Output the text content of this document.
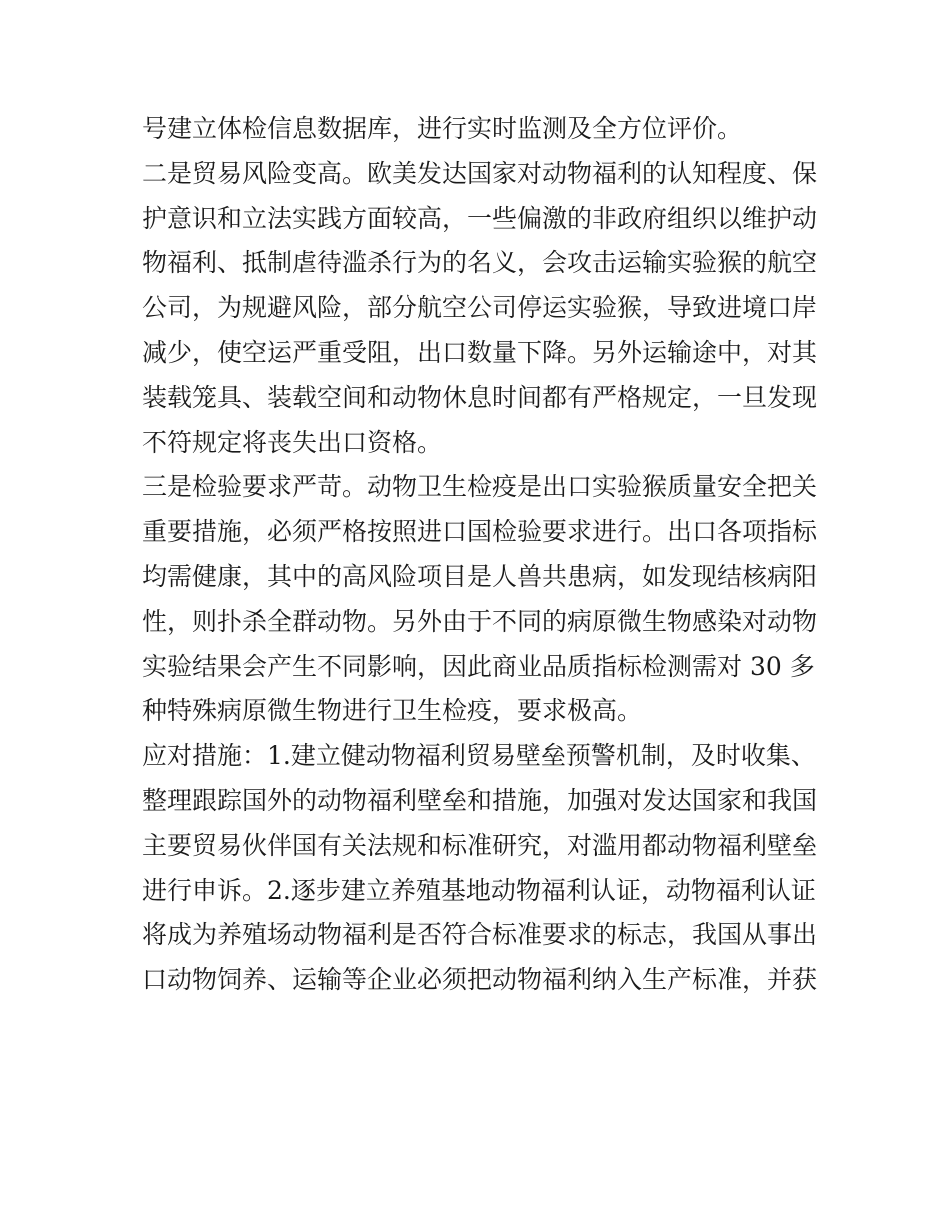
号建立体检信息数据库，进行实时监测及全方位评价。
二是贸易风险变高。欧美发达国家对动物福利的认知程度、保
护意识和立法实践方面较高，一些偏激的非政府组织以维护动
物福利、抵制虐待滥杀行为的名义，会攻击运输实验猴的航空
公司，为规避风险，部分航空公司停运实验猴，导致进境口岸
减少，使空运严重受阻，出口数量下降。另外运输途中，对其
装载笼具、装载空间和动物休息时间都有严格规定，一旦发现
不符规定将丧失出口资格。
三是检验要求严苛。动物卫生检疫是出口实验猴质量安全把关
重要措施，必须严格按照进口国检验要求进行。出口各项指标
均需健康，其中的高风险项目是人兽共患病，如发现结核病阳
性，则扑杀全群动物。另外由于不同的病原微生物感染对动物
实验结果会产生不同影响，因此商业品质指标检测需对 30 多
种特殊病原微生物进行卫生检疫，要求极高。
应对措施：1.建立健动物福利贸易壁垒预警机制，及时收集、
整理跟踪国外的动物福利壁垒和措施，加强对发达国家和我国
主要贸易伙伴国有关法规和标准研究，对滥用都动物福利壁垒
进行申诉。2.逐步建立养殖基地动物福利认证，动物福利认证
将成为养殖场动物福利是否符合标准要求的标志，我国从事出
口动物饲养、运输等企业必须把动物福利纳入生产标准，并获
